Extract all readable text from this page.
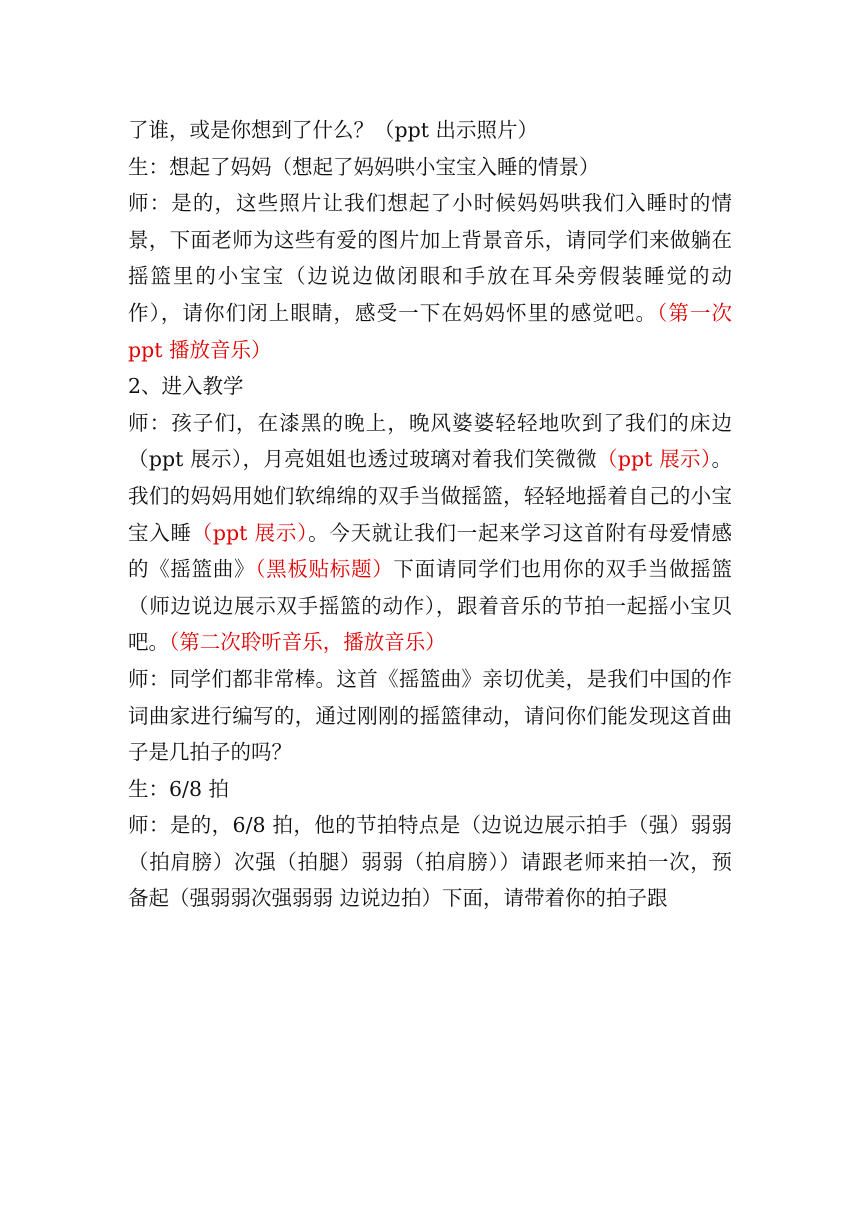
了谁，或是你想到了什么？（ppt 出示照片）

生：想起了妈妈（想起了妈妈哄小宝宝入睡的情景）

师：是的，这些照片让我们想起了小时候妈妈哄我们入睡时的情景，下面老师为这些有爱的图片加上背景音乐，请同学们来做躺在摇篮里的小宝宝（边说边做闭眼和手放在耳朵旁假装睡觉的动作），请你们闭上眼睛，感受一下在妈妈怀里的感觉吧。（第一次ppt 播放音乐）

2、进入教学

师：孩子们，在漆黑的晚上，晚风婆婆轻轻地吹到了我们的床边（ppt 展示），月亮姐姐也透过玻璃对着我们笑微微（ppt 展示）。我们的妈妈用她们软绵绵的双手当做摇篮，轻轻地摇着自己的小宝宝入睡（ppt 展示）。今天就让我们一起来学习这首附有母爱情感的《摇篮曲》（黑板贴标题）下面请同学们也用你的双手当做摇篮（师边说边展示双手摇篮的动作），跟着音乐的节拍一起摇小宝贝吧。（第二次聆听音乐，播放音乐）

师：同学们都非常棒。这首《摇篮曲》亲切优美，是我们中国的作词曲家进行编写的，通过刚刚的摇篮律动，请问你们能发现这首曲子是几拍子的吗？

生：6/8 拍

师：是的，6/8 拍，他的节拍特点是（边说边展示拍手（强）弱弱（拍肩膀）次强（拍腿）弱弱（拍肩膀））请跟老师来拍一次，预备起（强弱弱次强弱弱 边说边拍）下面，请带着你的拍子跟
